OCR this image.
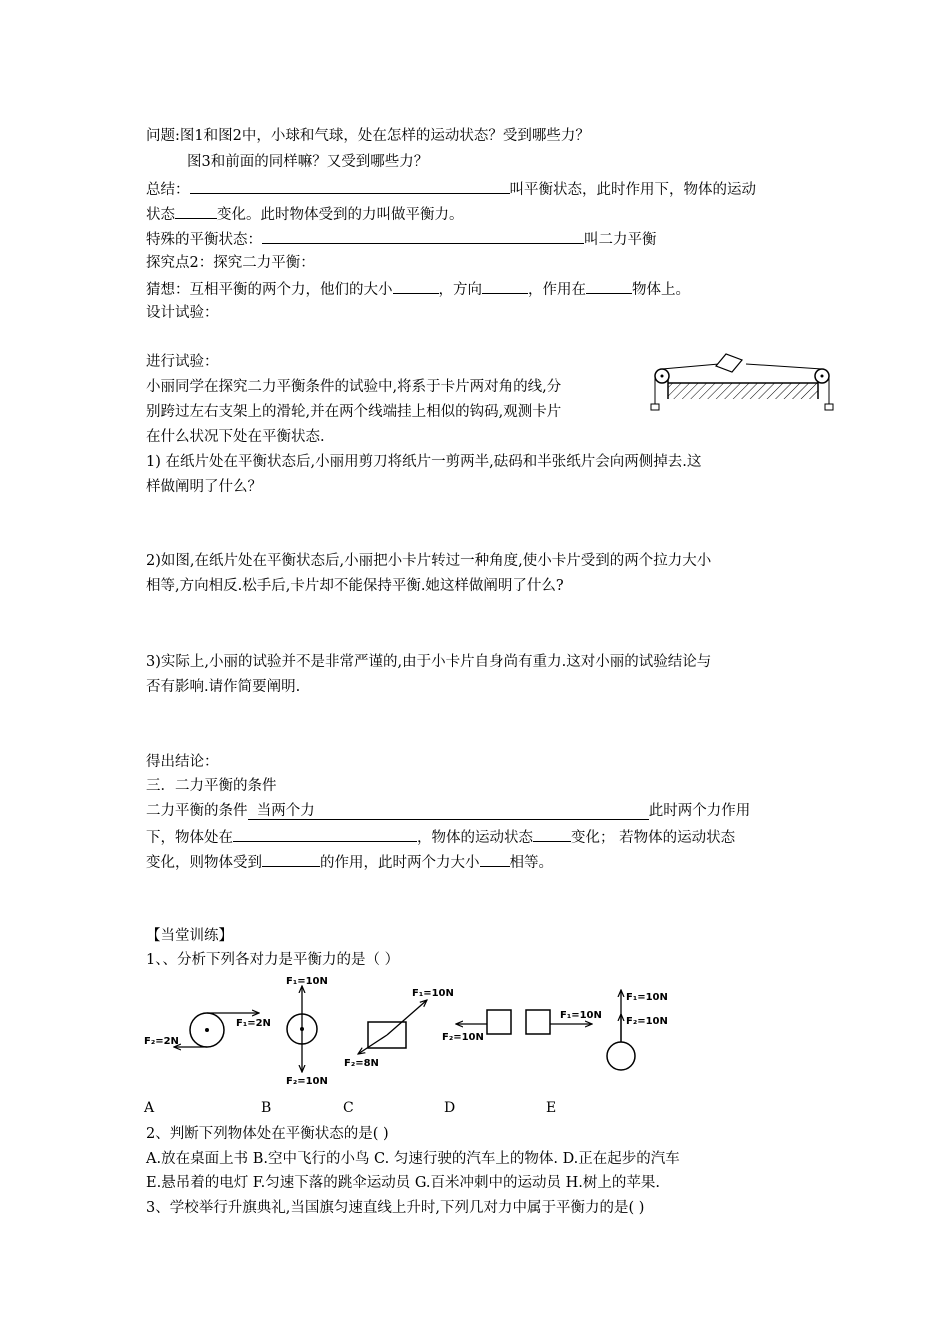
问题:图1和图2中，小球和气球，处在怎样的运动状态？受到哪些力？
图3和前面的同样嘛？又受到哪些力？
总结：	叫平衡状态，此时作用下，物体的运动
状态	变化。此时物体受到的力叫做平衡力。
特殊的平衡状态：	叫二力平衡
探究点2：探究二力平衡：
猜想：互相平衡的两个力，他们的大小	，方向	，作用在	物体上。
设计试验：
进行试验：
小丽同学在探究二力平衡条件的试验中,将系于卡片两对角的线,分
别跨过左右支架上的滑轮,并在两个线端挂上相似的钩码,观测卡片
在什么状况下处在平衡状态.
1) 在纸片处在平衡状态后,小丽用剪刀将纸片一剪两半,砝码和半张纸片会向两侧掉去.这
样做阐明了什么？
2)如图,在纸片处在平衡状态后,小丽把小卡片转过一种角度,使小卡片受到的两个拉力大小
相等,方向相反.松手后,卡片却不能保持平衡.她这样做阐明了什么?
3)实际上,小丽的试验并不是非常严谨的,由于小卡片自身尚有重力.这对小丽的试验结论与
否有影响.请作简要阐明.
得出结论：
三．二力平衡的条件
二力平衡的条件 当两个力	此时两个力作用
下，物体处在	，物体的运动状态	变化； 若物体的运动状态
变化，则物体受到	的作用，此时两个力大小 相等。
【当堂训练】
1、、分析下列各对力是平衡力的是（ ）
F₁=2N
F₂=2N
F₁=10N
F₂=10N
F₁=10N
F₂=8N
F₂=10N
F₁=10N
F₁=10N
F₂=10N
A	B	C	D	E
2、判断下列物体处在平衡状态的是( )
A.放在桌面上书 B.空中飞行的小鸟 C. 匀速行驶的汽车上的物体. D.正在起步的汽车
E.悬吊着的电灯 F.匀速下落的跳伞运动员 G.百米冲刺中的运动员 H.树上的苹果.
3、学校举行升旗典礼,当国旗匀速直线上升时,下列几对力中属于平衡力的是( )
